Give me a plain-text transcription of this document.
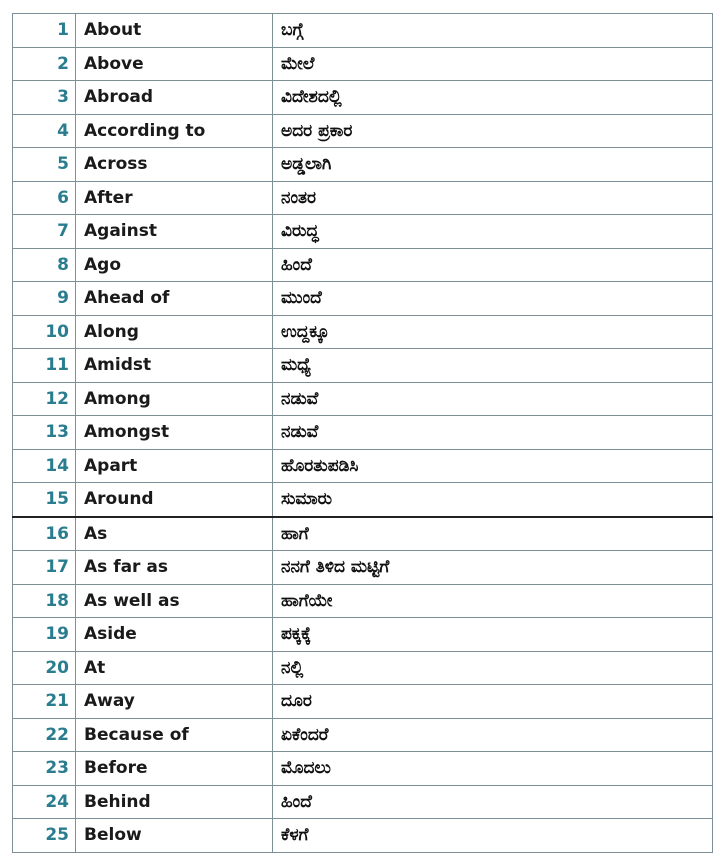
1	About	ಬಗ್ಗೆ
2	Above	ಮೇಲೆ
3	Abroad	ವಿದೇಶದಲ್ಲಿ
4	According to	ಅದರ ಪ್ರಕಾರ
5	Across	ಅಡ್ಡಲಾಗಿ
6	After	ನಂತರ
7	Against	ವಿರುದ್ಧ
8	Ago	ಹಿಂದೆ
9	Ahead of	ಮುಂದೆ
10	Along	ಉದ್ದಕ್ಕೂ
11	Amidst	ಮಧ್ಯೆ
12	Among	ನಡುವೆ
13	Amongst	ನಡುವೆ
14	Apart	ಹೊರತುಪಡಿಸಿ
15	Around	ಸುಮಾರು
16	As	ಹಾಗೆ
17	As far as	ನನಗೆ ತಿಳಿದ ಮಟ್ಟಿಗೆ
18	As well as	ಹಾಗೆಯೇ
19	Aside	ಪಕ್ಕಕ್ಕೆ
20	At	ನಲ್ಲಿ
21	Away	ದೂರ
22	Because of	ಏಕೆಂದರೆ
23	Before	ಮೊದಲು
24	Behind	ಹಿಂದೆ
25	Below	ಕೆಳಗೆ
